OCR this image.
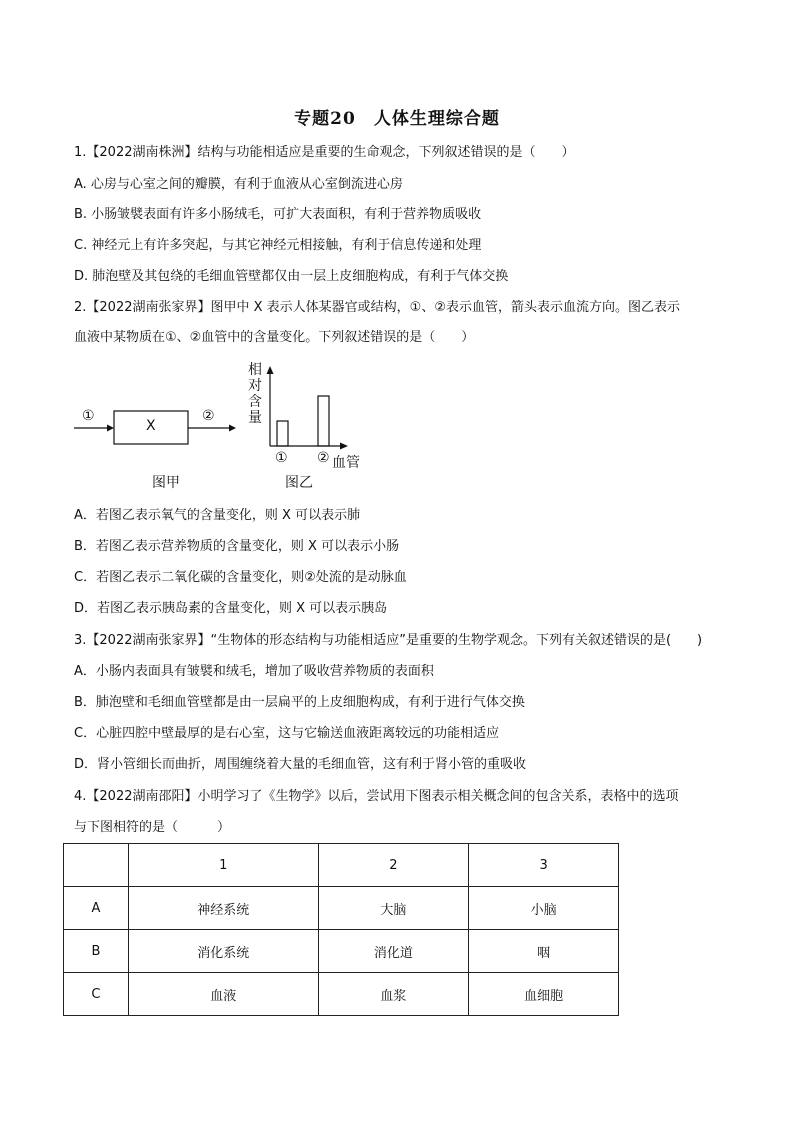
专题20　人体生理综合题
1.【2022湖南株洲】结构与功能相适应是重要的生命观念，下列叙述错误的是（　　）
A. 心房与心室之间的瓣膜，有利于血液从心室倒流进心房
B. 小肠皱襞表面有许多小肠绒毛，可扩大表面积，有利于营养物质吸收
C. 神经元上有许多突起，与其它神经元相接触，有利于信息传递和处理
D. 肺泡壁及其包绕的毛细血管壁都仅由一层上皮细胞构成，有利于气体交换
2.【2022湖南张家界】图甲中 X 表示人体某器官或结构，①、②表示血管，箭头表示血流方向。图乙表示
血液中某物质在①、②血管中的含量变化。下列叙述错误的是（　　）
①
X
②
图甲
相
对
含
量
① ② 血管
图乙
A．若图乙表示氧气的含量变化，则 X 可以表示肺
B．若图乙表示营养物质的含量变化，则 X 可以表示小肠
C．若图乙表示二氧化碳的含量变化，则②处流的是动脉血
D．若图乙表示胰岛素的含量变化，则 X 可以表示胰岛
3.【2022湖南张家界】“生物体的形态结构与功能相适应”是重要的生物学观念。下列有关叙述错误的是(　　)
A．小肠内表面具有皱襞和绒毛，增加了吸收营养物质的表面积
B．肺泡壁和毛细血管壁都是由一层扁平的上皮细胞构成，有利于进行气体交换
C．心脏四腔中壁最厚的是右心室，这与它输送血液距离较远的功能相适应
D．肾小管细长而曲折，周围缠绕着大量的毛细血管，这有利于肾小管的重吸收
4.【2022湖南邵阳】小明学习了《生物学》以后，尝试用下图表示相关概念间的包含关系，表格中的选项
与下图相符的是（　　　）
	1	2	3
A	神经系统	大脑	小脑
B	消化系统	消化道	咽
C	血液	血浆	血细胞
